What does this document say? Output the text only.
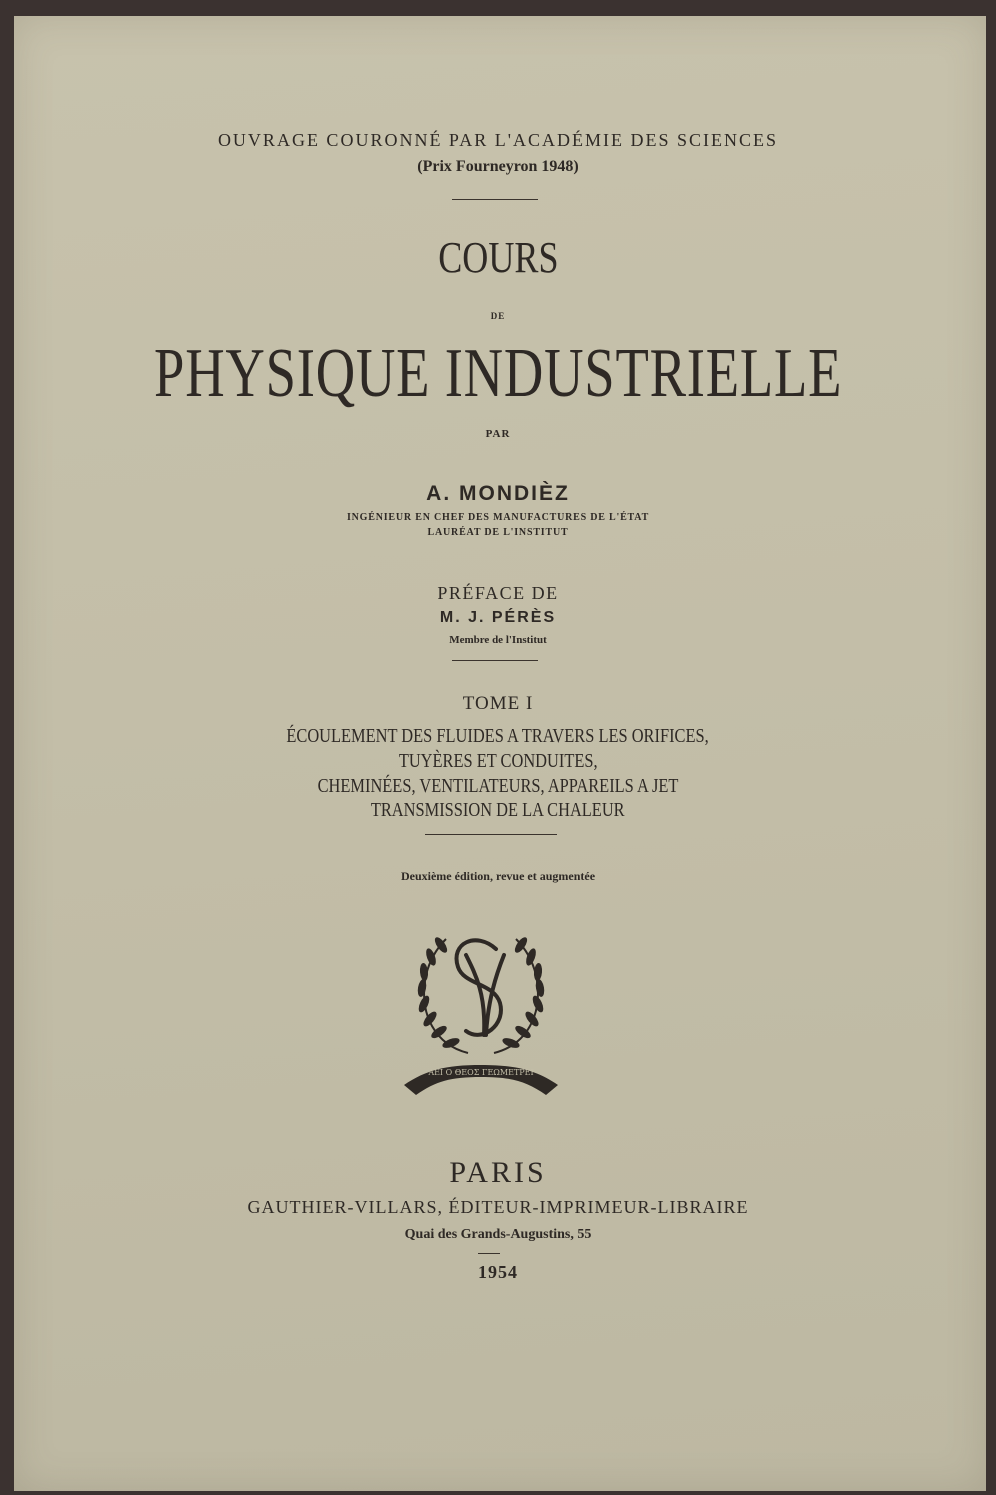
OUVRAGE COURONNÉ PAR L'ACADÉMIE DES SCIENCES
(Prix Fourneyron 1948)
COURS
DE
PHYSIQUE INDUSTRIELLE
PAR
A. MONDIÈZ
INGÉNIEUR EN CHEF DES MANUFACTURES DE L'ÉTAT
LAURÉAT DE L'INSTITUT
PRÉFACE DE
M. J. PÉRÈS
Membre de l'Institut
TOME I
ÉCOULEMENT DES FLUIDES A TRAVERS LES ORIFICES,
TUYÈRES ET CONDUITES,
CHEMINÉES, VENTILATEURS, APPAREILS A JET
TRANSMISSION DE LA CHALEUR
Deuxième édition, revue et augmentée
ΑΕΙ Ο ΘΕΟΣ ΓΕΩΜΕΤΡΕΙ
PARIS
GAUTHIER-VILLARS, ÉDITEUR-IMPRIMEUR-LIBRAIRE
Quai des Grands-Augustins, 55
1954
